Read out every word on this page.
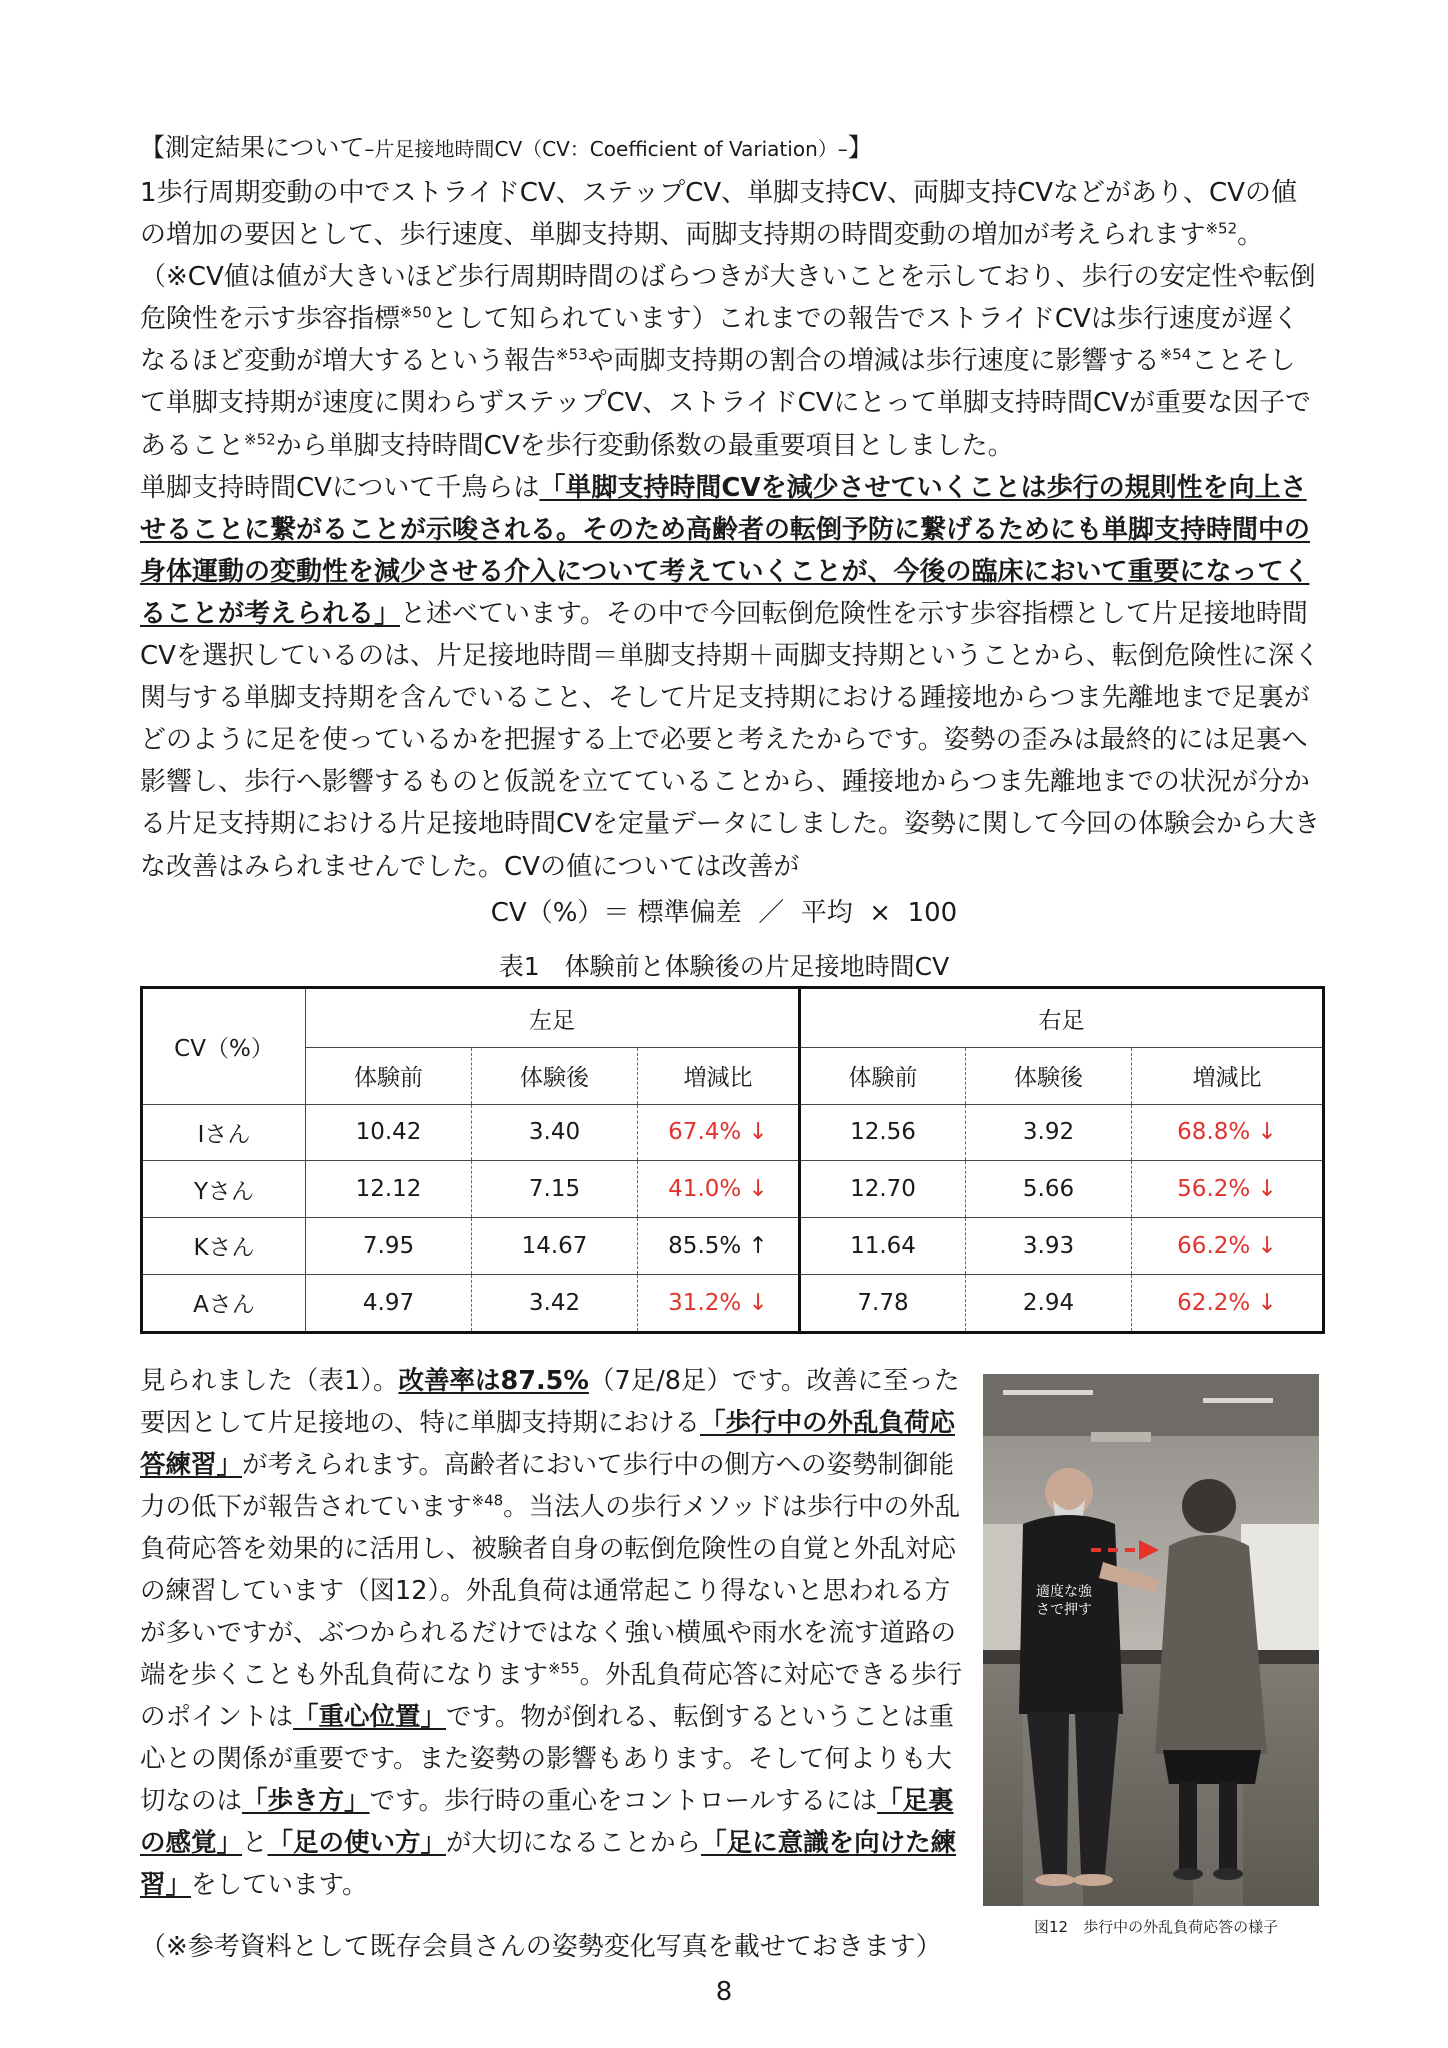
【測定結果について–片足接地時間CV（CV：Coefficient of Variation）–】

1歩行周期変動の中でストライドCV、ステップCV、単脚支持CV、両脚支持CVなどがあり、CVの値の増加の要因として、歩行速度、単脚支持期、両脚支持期の時間変動の増加が考えられます$^{※52}$。（※CV値は値が大きいほど歩行周期時間のばらつきが大きいことを示しており、歩行の安定性や転倒危険性を示す歩容指標$^{※50}$として知られています）これまでの報告でストライドCVは歩行速度が遅くなるほど変動が増大するという報告$^{※53}$や両脚支持期の割合の増減は歩行速度に影響する$^{※54}$ことそして単脚支持期が速度に関わらずステップCV、ストライドCVにとって単脚支持時間CVが重要な因子であること$^{※52}$から単脚支持時間CVを歩行変動係数の最重要項目としました。

単脚支持時間CVについて千鳥らは「単脚支持時間CVを減少させていくことは歩行の規則性を向上させることに繋がることが示唆される。そのため高齢者の転倒予防に繋げるためにも単脚支持時間中の身体運動の変動性を減少させる介入について考えていくことが、今後の臨床において重要になってくることが考えられる」と述べています。その中で今回転倒危険性を示す歩容指標として片足接地時間CVを選択しているのは、片足接地時間＝単脚支持期＋両脚支持期ということから、転倒危険性に深く関与する単脚支持期を含んでいること、そして片足支持期における踵接地からつま先離地まで足裏がどのように足を使っているかを把握する上で必要と考えたからです。姿勢の歪みは最終的には足裏へ影響し、歩行へ影響するものと仮説を立てていることから、踵接地からつま先離地までの状況が分かる片足支持期における片足接地時間CVを定量データにしました。姿勢に関して今回の体験会から大きな改善はみられませんでした。CVの値については改善が

CV（%）＝ 標準偏差  ／  平均  ×  100
表1　体験前と体験後の片足接地時間CV
CV（%）	左足			右足		
	体験前	体験後	増減比	体験前	体験後	増減比
Iさん	10.42	3.40	67.4% ↓	12.56	3.92	68.8% ↓
Yさん	12.12	7.15	41.0% ↓	12.70	5.66	56.2% ↓
Kさん	7.95	14.67	85.5% ↑	11.64	3.93	66.2% ↓
Aさん	4.97	3.42	31.2% ↓	7.78	2.94	62.2% ↓

見られました（表1）。改善率は87.5%（7足/8足）です。改善に至った要因として片足接地の、特に単脚支持期における「歩行中の外乱負荷応答練習」が考えられます。高齢者において歩行中の側方への姿勢制御能力の低下が報告されています$^{※48}$。当法人の歩行メソッドは歩行中の外乱負荷応答を効果的に活用し、被験者自身の転倒危険性の自覚と外乱対応の練習しています（図12）。外乱負荷は通常起こり得ないと思われる方が多いですが、ぶつかられるだけではなく強い横風や雨水を流す道路の端を歩くことも外乱負荷になります$^{※55}$。外乱負荷応答に対応できる歩行のポイントは「重心位置」です。物が倒れる、転倒するということは重心との関係が重要です。また姿勢の影響もあります。そして何よりも大切なのは「歩き方」です。歩行時の重心をコントロールするには「足裏の感覚」と「足の使い方」が大切になることから「足に意識を向けた練習」をしています。

適度な強
さで押す
図12　歩行中の外乱負荷応答の様子
（※参考資料として既存会員さんの姿勢変化写真を載せておきます）
8
